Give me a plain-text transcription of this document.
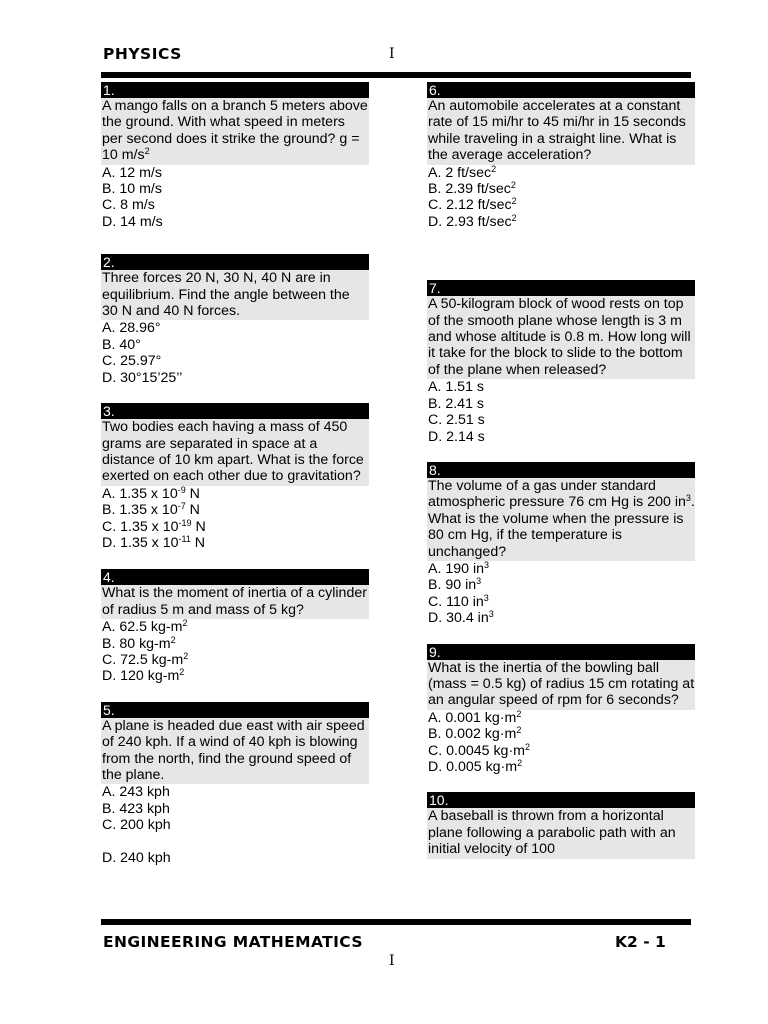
PHYSICS	I
1.
A mango falls on a branch 5 meters above the ground. With what speed in meters per second does it strike the ground? g = 10 $m/s^2$
A. 12 m/s
B. 10 m/s
C. 8 m/s
D. 14 m/s
2.
Three forces 20 N, 30 N, 40 N are in equilibrium. Find the angle between the 30 N and 40 N forces.
A. 28.96°
B. 40°
C. 25.97°
D. 30°15’25’’
3.
Two bodies each having a mass of 450 grams are separated in space at a distance of 10 km apart. What is the force exerted on each other due to gravitation?
A. 1.35 x $10^{-9}$ N
B. 1.35 x $10^{-7}$ N
C. 1.35 x $10^{-19}$ N
D. 1.35 x $10^{-11}$ N
4.
What is the moment of inertia of a cylinder of radius 5 m and mass of 5 kg?
A. 62.5 $kg-m^2$
B. 80 $kg-m^2$
C. 72.5 $kg-m^2$
D. 120 $kg-m^2$
5.
A plane is headed due east with air speed of 240 kph. If a wind of 40 kph is blowing from the north, find the ground speed of the plane.
A. 243 kph
B. 423 kph
C. 200 kph

D. 240 kph
6.
An automobile accelerates at a constant rate of 15 mi/hr to 45 mi/hr in 15 seconds while traveling in a straight line. What is the average acceleration?
A. 2 $ft/\sec^2$
B. 2.39 $ft/\sec^2$
C. 2.12 $ft/\sec^2$
D. 2.93 $ft/\sec^2$
7.
A 50-kilogram block of wood rests on top of the smooth plane whose length is 3 m and whose altitude is 0.8 m. How long will it take for the block to slide to the bottom of the plane when released?
A. 1.51 s
B. 2.41 s
C. 2.51 s
D. 2.14 s
8.
The volume of a gas under standard atmospheric pressure 76 cm Hg is 200 $in^3$. What is the volume when the pressure is 80 cm Hg, if the temperature is unchanged?
A. 190 $in^3$
B. 90 $in^3$
C. 110 $in^3$
D. 30.4 $in^3$
9.
What is the inertia of the bowling ball (mass = 0.5 kg) of radius 15 cm rotating at an angular speed of rpm for 6 seconds?
A. 0.001 $kg\cdot m^2$
B. 0.002 $kg\cdot m^2$
C. 0.0045 $kg\cdot m^2$
D. 0.005 $kg\cdot m^2$
10.
A baseball is thrown from a horizontal plane following a parabolic path with an initial velocity of 100
ENGINEERING MATHEMATICS	K2 - 1
I
